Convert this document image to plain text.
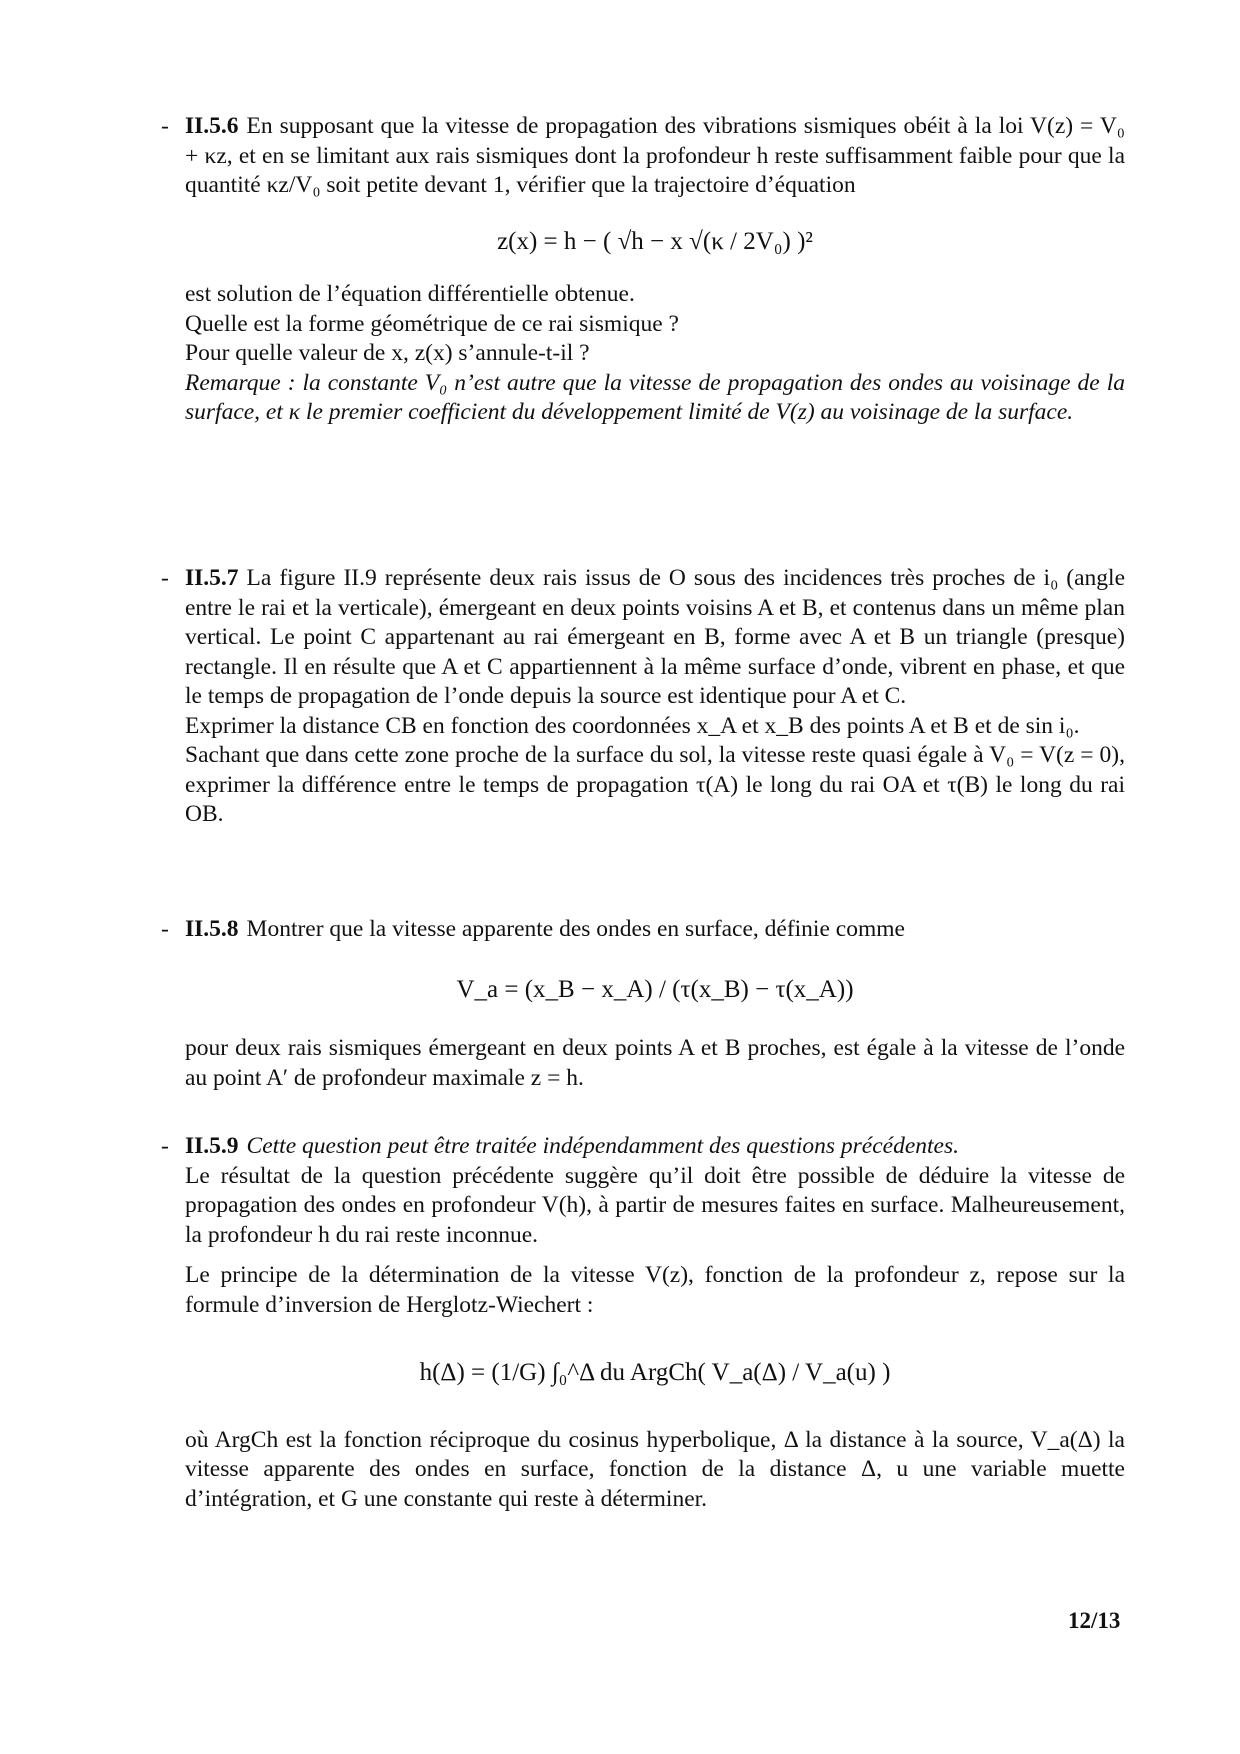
- II.5.6 En supposant que la vitesse de propagation des vibrations sismiques obéit à la loi V(z) = V₀ + κz, et en se limitant aux rais sismiques dont la profondeur h reste suffisamment faible pour que la quantité κz/V₀ soit petite devant 1, vérifier que la trajectoire d’équation

z(x) = h − ( √h − x √(κ / 2V₀) )²

est solution de l’équation différentielle obtenue.

Quelle est la forme géométrique de ce rai sismique ?

Pour quelle valeur de x, z(x) s’annule-t-il ?

Remarque : la constante V₀ n’est autre que la vitesse de propagation des ondes au voisinage de la surface, et κ le premier coefficient du développement limité de V(z) au voisinage de la surface.

- II.5.7 La figure II.9 représente deux rais issus de O sous des incidences très proches de i₀ (angle entre le rai et la verticale), émergeant en deux points voisins A et B, et contenus dans un même plan vertical. Le point C appartenant au rai émergeant en B, forme avec A et B un triangle (presque) rectangle. Il en résulte que A et C appartiennent à la même surface d’onde, vibrent en phase, et que le temps de propagation de l’onde depuis la source est identique pour A et C.

Exprimer la distance CB en fonction des coordonnées x_A et x_B des points A et B et de sin i₀.

Sachant que dans cette zone proche de la surface du sol, la vitesse reste quasi égale à V₀ = V(z = 0), exprimer la différence entre le temps de propagation τ(A) le long du rai OA et τ(B) le long du rai OB.

- II.5.8 Montrer que la vitesse apparente des ondes en surface, définie comme

V_a = (x_B − x_A) / (τ(x_B) − τ(x_A))

pour deux rais sismiques émergeant en deux points A et B proches, est égale à la vitesse de l’onde au point A′ de profondeur maximale z = h.

- II.5.9 Cette question peut être traitée indépendamment des questions précédentes.

Le résultat de la question précédente suggère qu’il doit être possible de déduire la vitesse de propagation des ondes en profondeur V(h), à partir de mesures faites en surface. Malheureusement, la profondeur h du rai reste inconnue.

Le principe de la détermination de la vitesse V(z), fonction de la profondeur z, repose sur la formule d’inversion de Herglotz-Wiechert :

h(Δ) = (1/G) ∫₀^Δ du ArgCh( V_a(Δ) / V_a(u) )

où ArgCh est la fonction réciproque du cosinus hyperbolique, Δ la distance à la source, V_a(Δ) la vitesse apparente des ondes en surface, fonction de la distance Δ, u une variable muette d’intégration, et G une constante qui reste à déterminer.

12/13
